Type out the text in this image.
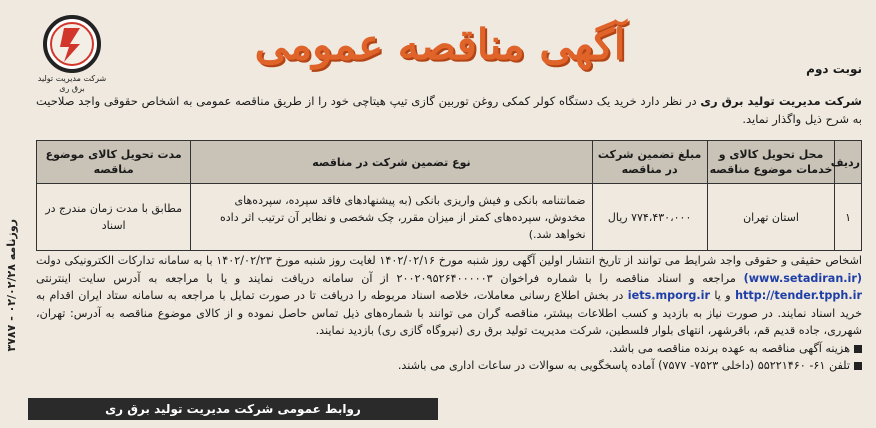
روزنامه ۰۲/۰۲/۲۸ - ۳۷۸۷
شرکت مدیریت تولید
برق ری
آگهی مناقصه عمومی	نوبت دوم
شرکت مدیریت تولید برق ری در نظر دارد خرید یک دستگاه کولر کمکی روغن توربین گازی تیپ هیتاچی خود را از طریق مناقصه عمومی به اشخاص حقوقی واجد صلاحیت به شرح ذیل واگذار نماید.
ردیف	محل تحویل کالای و خدمات موضوع مناقصه	مبلغ تضمین شرکت در مناقصه	نوع تضمین شرکت در مناقصه	مدت تحویل کالای موضوع مناقصه
۱	استان تهران	۷۷۴،۴۳۰،۰۰۰ ریال	ضمانتنامه بانکی و فیش واریزی بانکی (به پیشنهادهای فاقد سپرده، سپرده‌های مخدوش، سپرده‌های کمتر از میزان مقرر، چک شخصی و نظایر آن ترتیب اثر داده نخواهد شد.)	مطابق با مدت زمان مندرج در اسناد

اشخاص حقیقی و حقوقی واجد شرایط می توانند از تاریخ انتشار اولین آگهی روز شنبه مورخ ۱۴۰۲/۰۲/۱۶ لغایت روز شنبه مورخ ۱۴۰۲/۰۲/۲۳ با به سامانه تدارکات الکترونیکی دولت (www.setadiran.ir) مراجعه و اسناد مناقصه را با شماره فراخوان ۲۰۰۲۰۹۵۲۶۴۰۰۰۰۰۳ از آن سامانه دریافت نمایند و یا با مراجعه به آدرس سایت اینترنتی http://tender.tpph.ir و یا iets.mporg.ir در بخش اطلاع رسانی معاملات، خلاصه اسناد مربوطه را دریافت تا در صورت تمایل با مراجعه به سامانه ستاد ایران اقدام به خرید اسناد نمایند. در صورت نیاز به بازدید و کسب اطلاعات بیشتر، مناقصه گران می توانند با شماره‌های ذیل تماس حاصل نموده و از کالای موضوع مناقصه به آدرس: تهران، شهرری، جاده قدیم قم، باقرشهر، انتهای بلوار فلسطین، شرکت مدیریت تولید برق ری (نیروگاه گازی ری) بازدید نمایند.

هزینه آگهی مناقصه به عهده برنده مناقصه می باشد.

تلفن ۶۱- ۵۵۲۲۱۴۶۰ (داخلی ۷۵۲۳- ۷۵۷۷) آماده پاسخگویی به سوالات در ساعات اداری می باشند.

روابط عمومی شرکت مدیریت تولید برق ری
